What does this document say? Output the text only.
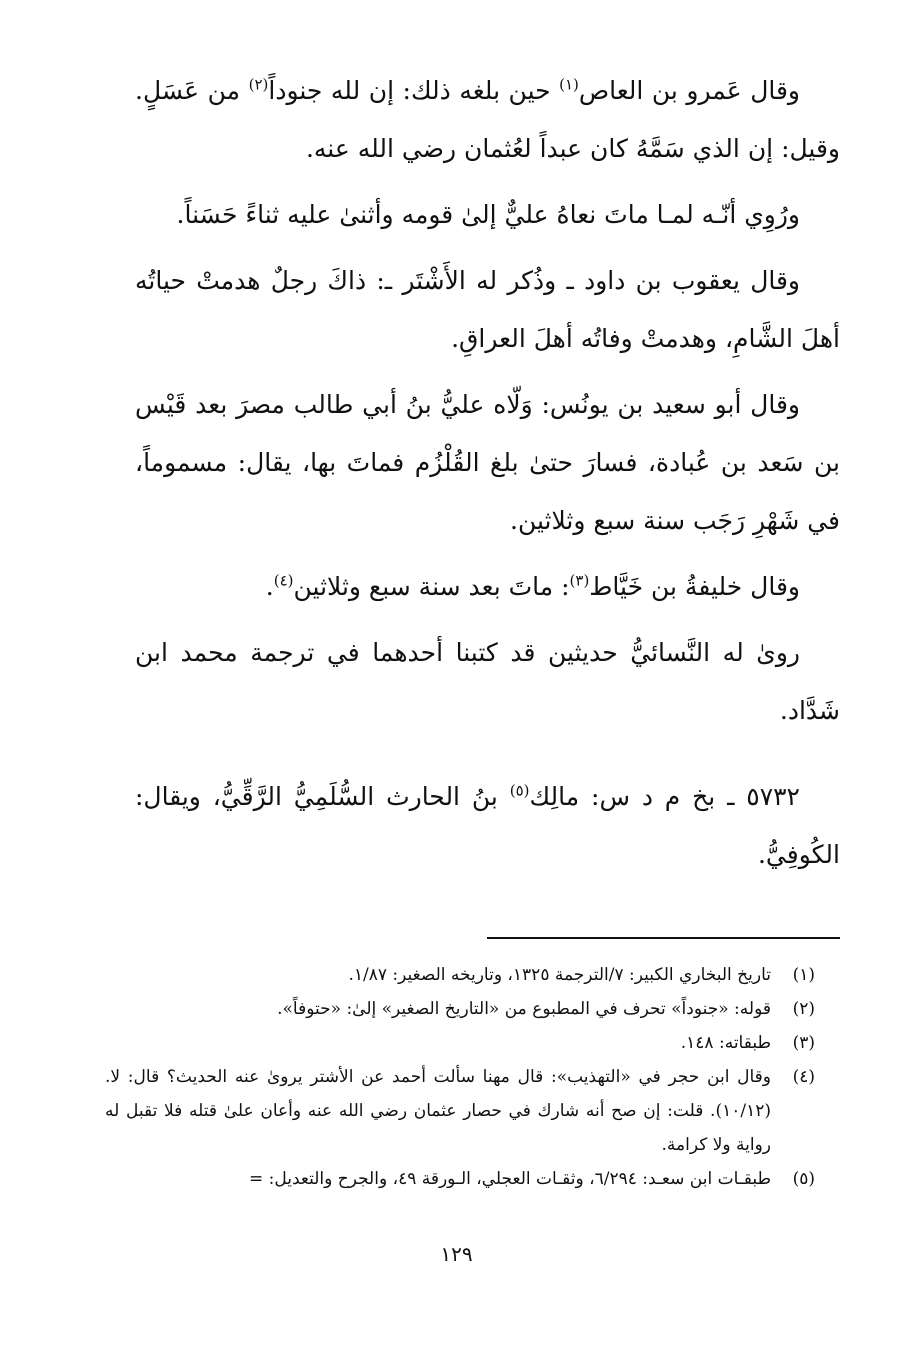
وقال عَمرو بن العاص$^{(١)}$ حين بلغه ذلك: إن لله جنوداً$^{(٢)}$ من عَسَلٍ. وقيل: إن الذي سَمَّهُ كان عبداً لعُثمان رضي الله عنه.

ورُوِي أنّـه لمـا ماتَ نعاهُ عليٌّ إلىٰ قومه وأثنىٰ عليه ثناءً حَسَناً.

وقال يعقوب بن داود ـ وذُكر له الأَشْتَر ـ: ذاكَ رجلٌ هدمتْ حياتُه أهلَ الشَّامِ، وهدمتْ وفاتُه أهلَ العراقِ.

وقال أبو سعيد بن يونُس: وَلّاه عليُّ بنُ أبي طالب مصرَ بعد قَيْس بن سَعد بن عُبادة، فسارَ حتىٰ بلغ القُلْزُم فماتَ بها، يقال: مسموماً، في شَهْرِ رَجَب سنة سبع وثلاثين.

وقال خليفةُ بن خَيَّاط$^{(٣)}$: ماتَ بعد سنة سبع وثلاثين$^{(٤)}$.

روىٰ له النَّسائيُّ حديثين قد كتبنا أحدهما في ترجمة محمد ابن شَدَّاد.

٥٧٣٢ ـ بخ م د س: مالِك$^{(٥)}$ بنُ الحارث السُّلَمِيُّ الرَّقِّيُّ، ويقال: الكُوفِيُّ.

(١)
تاريخ البخاري الكبير: ٧/الترجمة ١٣٢٥، وتاريخه الصغير: ١/٨٧.
(٢)
قوله: «جنوداً» تحرف في المطبوع من «التاريخ الصغير» إلىٰ: «حتوفاً».
(٣)
طبقاته: ١٤٨.
(٤)
وقال ابن حجر في «التهذيب»: قال مهنا سألت أحمد عن الأشتر يروىٰ عنه الحديث؟ قال: لا. (١٠/١٢). قلت: إن صح أنه شارك في حصار عثمان رضي الله عنه وأعان علىٰ قتله فلا تقبل له رواية ولا كرامة.
(٥)
طبقـات ابن سعـد: ٦/٢٩٤، وثقـات العجلي، الـورقة ٤٩، والجرح والتعديل: =
١٢٩
